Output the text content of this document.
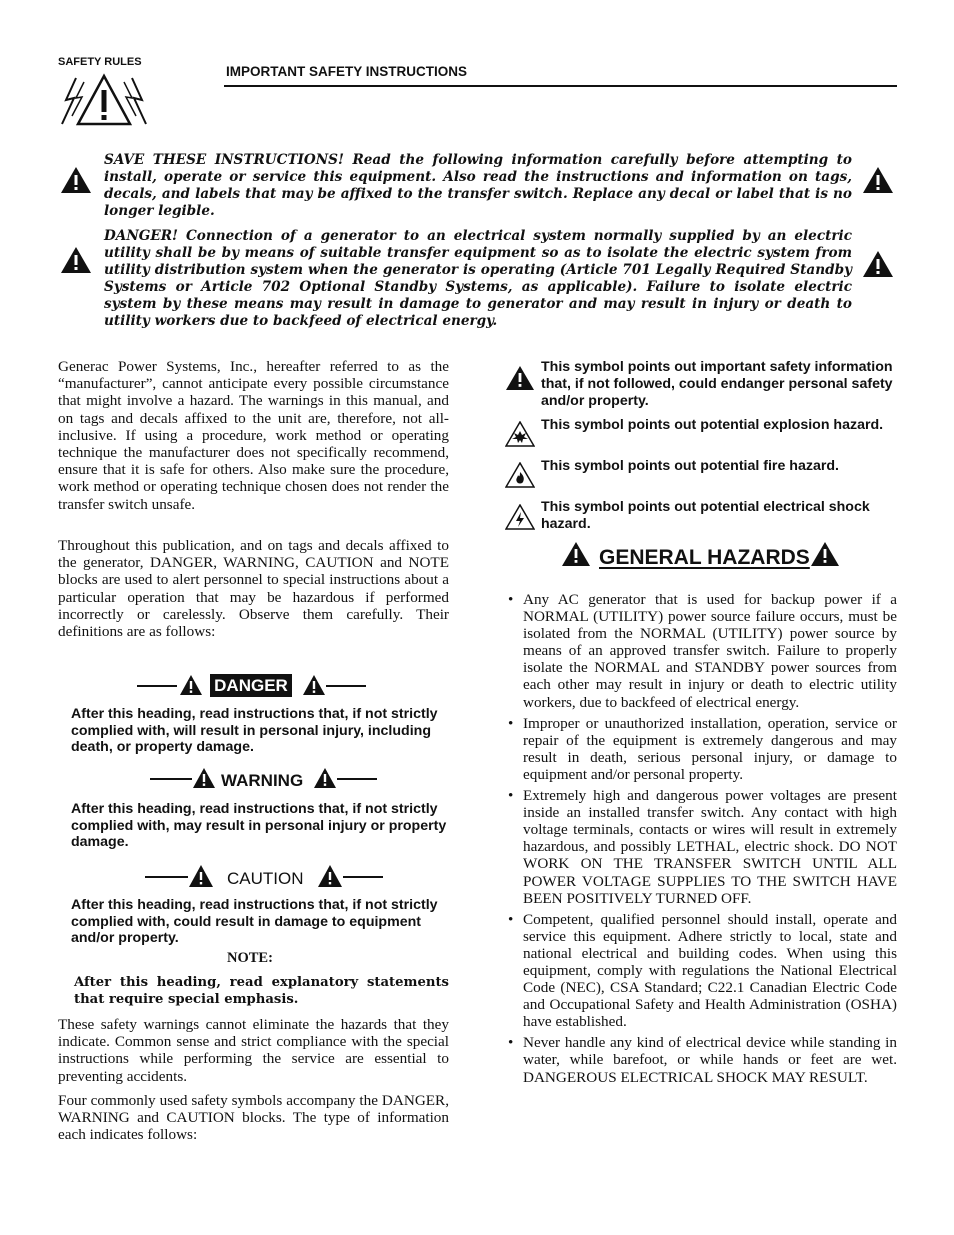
SAFETY RULES
IMPORTANT SAFETY INSTRUCTIONS
SAVE THESE INSTRUCTIONS! Read the following information carefully before attempting to install, operate or service this equipment. Also read the instructions and information on tags, decals, and labels that may be affixed to the transfer switch. Replace any decal or label that is no longer legible.
DANGER! Connection of a generator to an electrical system normally supplied by an electric utility shall be by means of suitable transfer equipment so as to isolate the electric system from utility distribution system when the generator is operating (Article 701 Legally Required Standby Systems or Article 702 Optional Standby Systems, as applicable). Failure to isolate electric system by these means may result in damage to generator and may result in injury or death to utility workers due to backfeed of electrical energy.
Generac Power Systems, Inc., hereafter referred to as the “manufacturer”, cannot anticipate every possible circumstance that might involve a hazard. The warnings in this manual, and on tags and decals affixed to the unit are, therefore, not all-inclusive. If using a procedure, work method or operating technique the manufacturer does not specifically recommend, ensure that it is safe for others. Also make sure the procedure, work method or operating technique chosen does not render the transfer switch unsafe.
Throughout this publication, and on tags and decals affixed to the generator, DANGER, WARNING, CAUTION and NOTE blocks are used to alert personnel to special instructions about a particular operation that may be hazardous if performed incorrectly or carelessly. Observe them carefully. Their definitions are as follows:
DANGER
After this heading, read instructions that, if not strictly complied with, will result in personal injury, including death, or property damage.
WARNING
After this heading, read instructions that, if not strictly complied with, may result in personal injury or property damage.
CAUTION
After this heading, read instructions that, if not strictly complied with, could result in damage to equipment and/or property.
NOTE:
After this heading, read explanatory statements that require special emphasis.
These safety warnings cannot eliminate the hazards that they indicate. Common sense and strict compliance with the special instructions while performing the service are essential to preventing accidents.
Four commonly used safety symbols accompany the DANGER, WARNING and CAUTION blocks. The type of information each indicates follows:
This symbol points out important safety information that, if not followed, could endanger personal safety and/or property.
This symbol points out potential explosion hazard.
This symbol points out potential fire hazard.
This symbol points out potential electrical shock hazard.
GENERAL HAZARDS
• Any AC generator that is used for backup power if a NORMAL (UTILITY) power source failure occurs, must be isolated from the NORMAL (UTILITY) power source by means of an approved transfer switch. Failure to properly isolate the NORMAL and STANDBY power sources from each other may result in injury or death to electric utility workers, due to backfeed of electrical energy.
• Improper or unauthorized installation, operation, service or repair of the equipment is extremely dangerous and may result in death, serious personal injury, or damage to equipment and/or personal property.
• Extremely high and dangerous power voltages are present inside an installed transfer switch. Any contact with high voltage terminals, contacts or wires will result in extremely hazardous, and possibly LETHAL, electric shock. DO NOT WORK ON THE TRANSFER SWITCH UNTIL ALL POWER VOLTAGE SUPPLIES TO THE SWITCH HAVE BEEN POSITIVELY TURNED OFF.
• Competent, qualified personnel should install, operate and service this equipment. Adhere strictly to local, state and national electrical and building codes. When using this equipment, comply with regulations the National Electrical Code (NEC), CSA Standard; C22.1 Canadian Electric Code and Occupational Safety and Health Administration (OSHA) have established.
• Never handle any kind of electrical device while standing in water, while barefoot, or while hands or feet are wet. DANGEROUS ELECTRICAL SHOCK MAY RESULT.
